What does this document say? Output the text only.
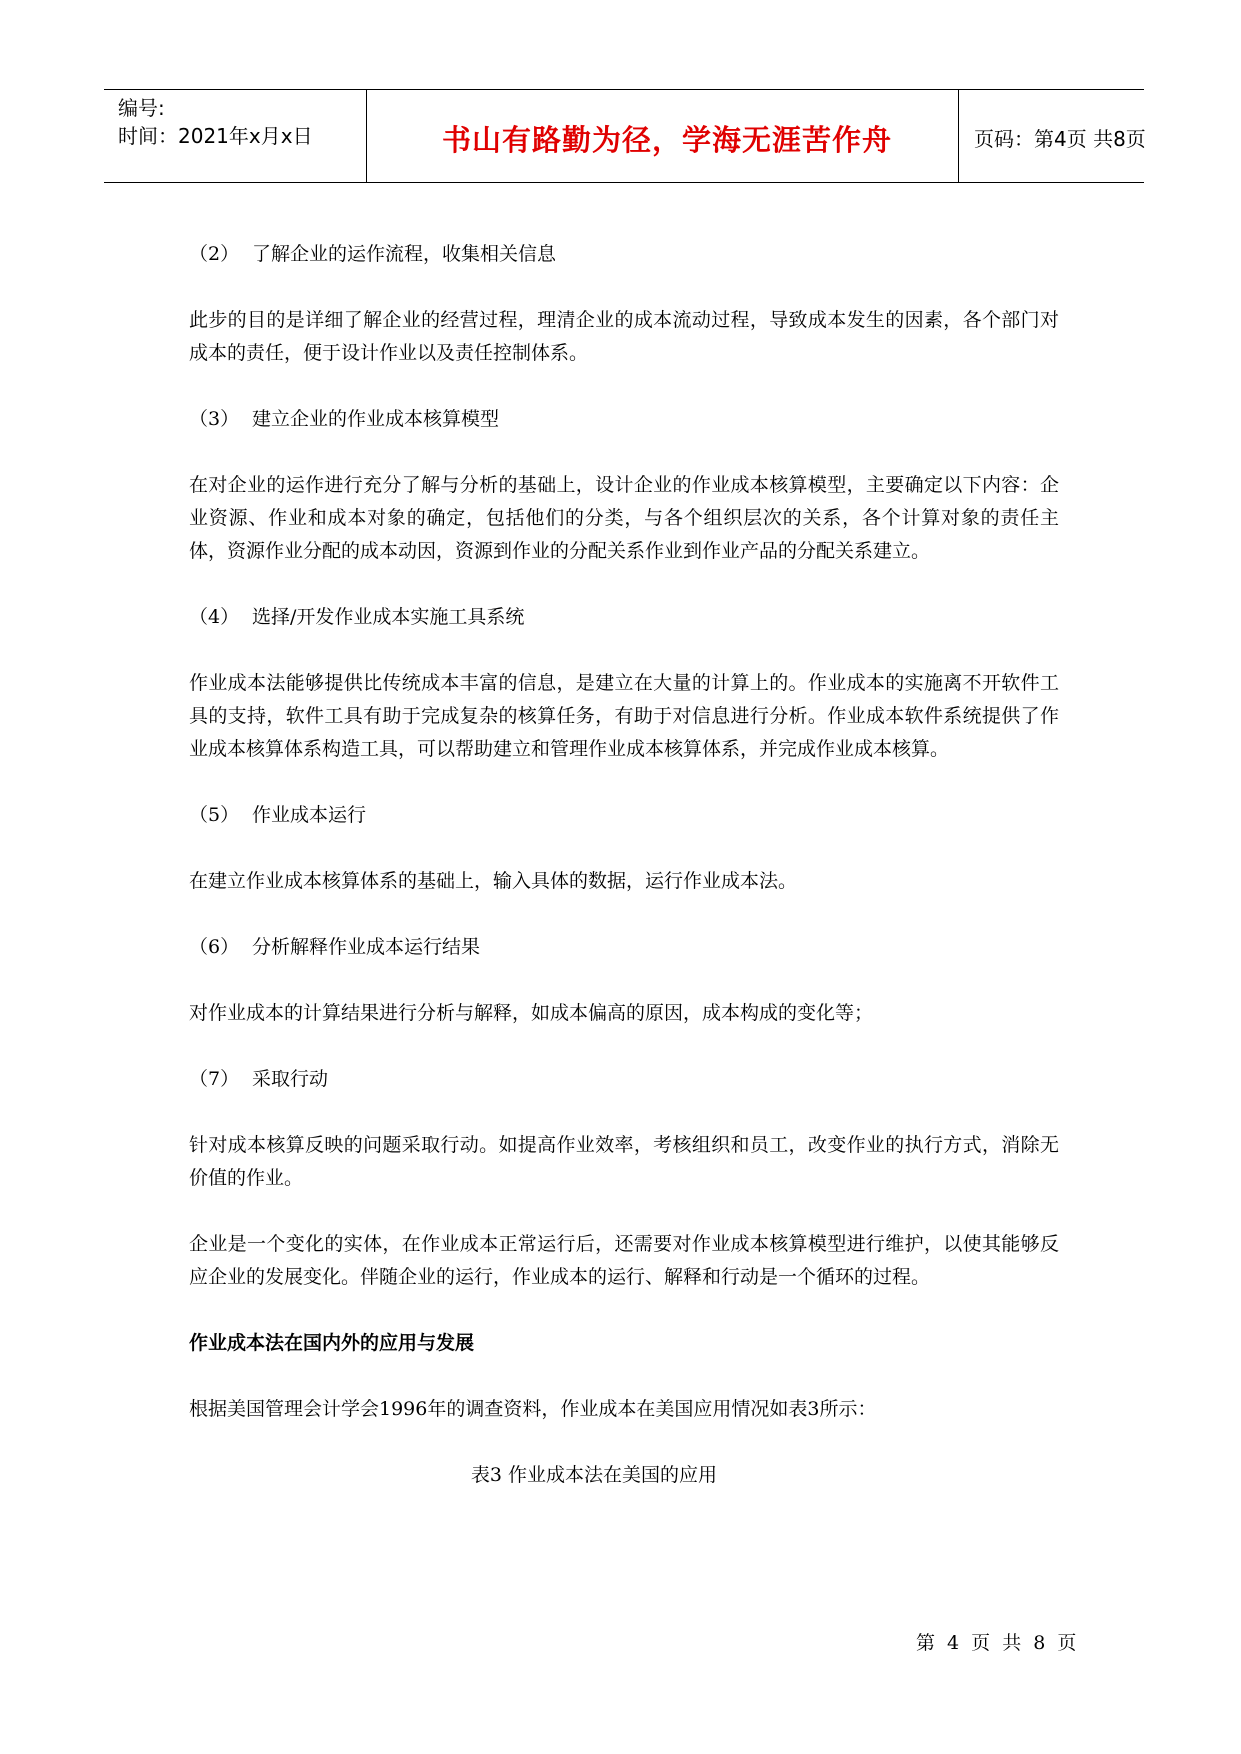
编号:
时间：2021年x月x日	书山有路勤为径，学海无涯苦作舟	页码：第4页 共8页
（2） 了解企业的运作流程，收集相关信息

此步的目的是详细了解企业的经营过程，理清企业的成本流动过程，导致成本发生的因素，各个部门对成本的责任，便于设计作业以及责任控制体系。

（3） 建立企业的作业成本核算模型

在对企业的运作进行充分了解与分析的基础上，设计企业的作业成本核算模型，主要确定以下内容：企业资源、作业和成本对象的确定，包括他们的分类，与各个组织层次的关系，各个计算对象的责任主体，资源作业分配的成本动因，资源到作业的分配关系作业到作业产品的分配关系建立。

（4） 选择/开发作业成本实施工具系统

作业成本法能够提供比传统成本丰富的信息，是建立在大量的计算上的。作业成本的实施离不开软件工具的支持，软件工具有助于完成复杂的核算任务，有助于对信息进行分析。作业成本软件系统提供了作业成本核算体系构造工具，可以帮助建立和管理作业成本核算体系，并完成作业成本核算。

（5） 作业成本运行

在建立作业成本核算体系的基础上，输入具体的数据，运行作业成本法。

（6） 分析解释作业成本运行结果

对作业成本的计算结果进行分析与解释，如成本偏高的原因，成本构成的变化等；

（7） 采取行动

针对成本核算反映的问题采取行动。如提高作业效率，考核组织和员工，改变作业的执行方式，消除无价值的作业。

企业是一个变化的实体，在作业成本正常运行后，还需要对作业成本核算模型进行维护，以使其能够反应企业的发展变化。伴随企业的运行，作业成本的运行、解释和行动是一个循环的过程。

作业成本法在国内外的应用与发展

根据美国管理会计学会1996年的调查资料，作业成本在美国应用情况如表3所示：

表3 作业成本法在美国的应用
第 4 页 共 8 页
